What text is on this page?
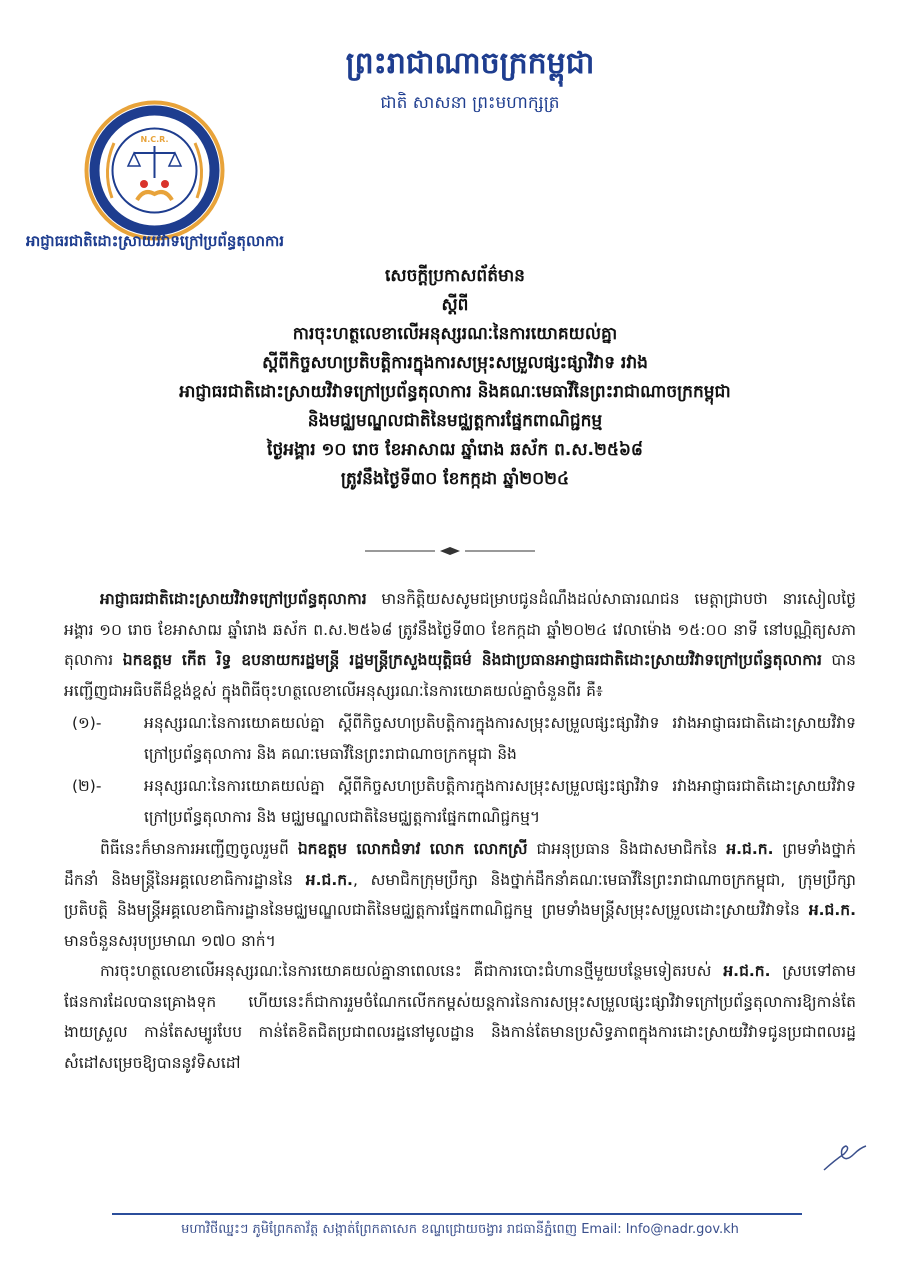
ព្រះរាជាណាចក្រកម្ពុជា
ជាតិ សាសនា ព្រះមហាក្សត្រ
N.C.R.
អាជ្ញាធរជាតិដោះស្រាយវិវាទក្រៅប្រព័ន្ធតុលាការ
សេចក្តីប្រកាសព័ត៌មាន
ស្តីពី
ការចុះហត្ថលេខាលើអនុស្សរណៈនៃការយោគយល់គ្នា
ស្តីពីកិច្ចសហប្រតិបត្តិការក្នុងការសម្រុះសម្រួលផ្សះផ្សាវិវាទ រវាង
អាជ្ញាធរជាតិដោះស្រាយវិវាទក្រៅប្រព័ន្ធតុលាការ និងគណៈមេធាវីនៃព្រះរាជាណាចក្រកម្ពុជា
និងមជ្ឈមណ្ឌលជាតិនៃមជ្ឈត្តការផ្នែកពាណិជ្ជកម្ម
ថ្ងៃអង្គារ ១០ រោច ខែអាសាឍ ឆ្នាំរោង ឆស័ក ព.ស.២៥៦៨
ត្រូវនឹងថ្ងៃទី៣០ ខែកក្កដា ឆ្នាំ២០២៤

អាជ្ញាធរជាតិដោះស្រាយវិវាទក្រៅប្រព័ន្ធតុលាការ មានកិត្តិយសសូមជម្រាបជូនដំណឹងដល់សាធារណជន មេត្តាជ្រាបថា នារសៀលថ្ងៃអង្គារ ១០ រោច ខែអាសាឍ ឆ្នាំរោង ឆស័ក ព.ស.២៥៦៨ ត្រូវនឹងថ្ងៃទី៣០ ខែកក្កដា ឆ្នាំ២០២៤ វេលាម៉ោង ១៥:០០ នាទី នៅបណ្ណិត្យសភាតុលាការ ឯកឧត្តម កើត រិទ្ធ ឧបនាយករដ្ឋមន្ត្រី រដ្ឋមន្ត្រីក្រសួងយុត្តិធម៌ និងជាប្រធានអាជ្ញាធរជាតិដោះស្រាយវិវាទក្រៅប្រព័ន្ធតុលាការ បានអញ្ជើញជាអធិបតីដ៏ខ្ពង់ខ្ពស់ ក្នុងពិធីចុះហត្ថលេខាលើអនុស្សរណៈនៃការយោគយល់គ្នាចំនួនពីរ គឺ៖

(១)-	អនុស្សរណៈនៃការយោគយល់គ្នា ស្តីពីកិច្ចសហប្រតិបត្តិការក្នុងការសម្រុះសម្រួលផ្សះផ្សាវិវាទ រវាងអាជ្ញាធរជាតិដោះស្រាយវិវាទក្រៅប្រព័ន្ធតុលាការ និង គណៈមេធាវីនៃព្រះរាជាណាចក្រកម្ពុជា និង
(២)-	អនុស្សរណៈនៃការយោគយល់គ្នា ស្តីពីកិច្ចសហប្រតិបត្តិការក្នុងការសម្រុះសម្រួលផ្សះផ្សាវិវាទ រវាងអាជ្ញាធរជាតិដោះស្រាយវិវាទក្រៅប្រព័ន្ធតុលាការ និង មជ្ឈមណ្ឌលជាតិនៃមជ្ឈត្តការផ្នែកពាណិជ្ជកម្ម។

ពិធីនេះក៏មានការអញ្ជើញចូលរួមពី ឯកឧត្តម លោកជំទាវ លោក លោកស្រី ជាអនុប្រធាន និងជាសមាជិកនៃ អ.ជ.ក. ព្រមទាំងថ្នាក់ដឹកនាំ និងមន្ត្រីនៃអគ្គលេខាធិការដ្ឋាននៃ អ.ជ.ក., សមាជិកក្រុមប្រឹក្សា និងថ្នាក់ដឹកនាំគណៈមេធាវីនៃព្រះរាជាណាចក្រកម្ពុជា, ក្រុមប្រឹក្សាប្រតិបត្តិ និងមន្ត្រីអគ្គលេខាធិការដ្ឋាននៃមជ្ឈមណ្ឌលជាតិនៃមជ្ឈត្តការផ្នែកពាណិជ្ជកម្ម ព្រមទាំងមន្ត្រីសម្រុះសម្រួលដោះស្រាយវិវាទនៃ អ.ជ.ក. មានចំនួនសរុបប្រមាណ ១៧០ នាក់។

ការចុះហត្ថលេខាលើអនុស្សរណៈនៃការយោគយល់គ្នានាពេលនេះ គឺជាការបោះជំហានថ្មីមួយបន្ថែមទៀតរបស់ អ.ជ.ក. ស្របទៅតាមផែនការដែលបានគ្រោងទុក ហើយនេះក៏ជាការរួមចំណែកលើកកម្ពស់យន្តការនៃការសម្រុះសម្រួលផ្សះផ្សាវិវាទក្រៅប្រព័ន្ធតុលាការឱ្យកាន់តែងាយស្រួល កាន់តែសម្បូរបែប កាន់តែខិតជិតប្រជាពលរដ្ឋនៅមូលដ្ឋាន និងកាន់តែមានប្រសិទ្ធភាពក្នុងការដោះស្រាយវិវាទជូនប្រជាពលរដ្ឋ សំដៅសម្រេចឱ្យបាននូវទិសដៅ

មហាវិថីឈ្នះៗ ភូមិព្រែកតាវ័ត្ត សង្កាត់ព្រែកតាសេក ខណ្ឌជ្រោយចង្វារ រាជធានីភ្នំពេញ Email: Info@nadr.gov.kh
